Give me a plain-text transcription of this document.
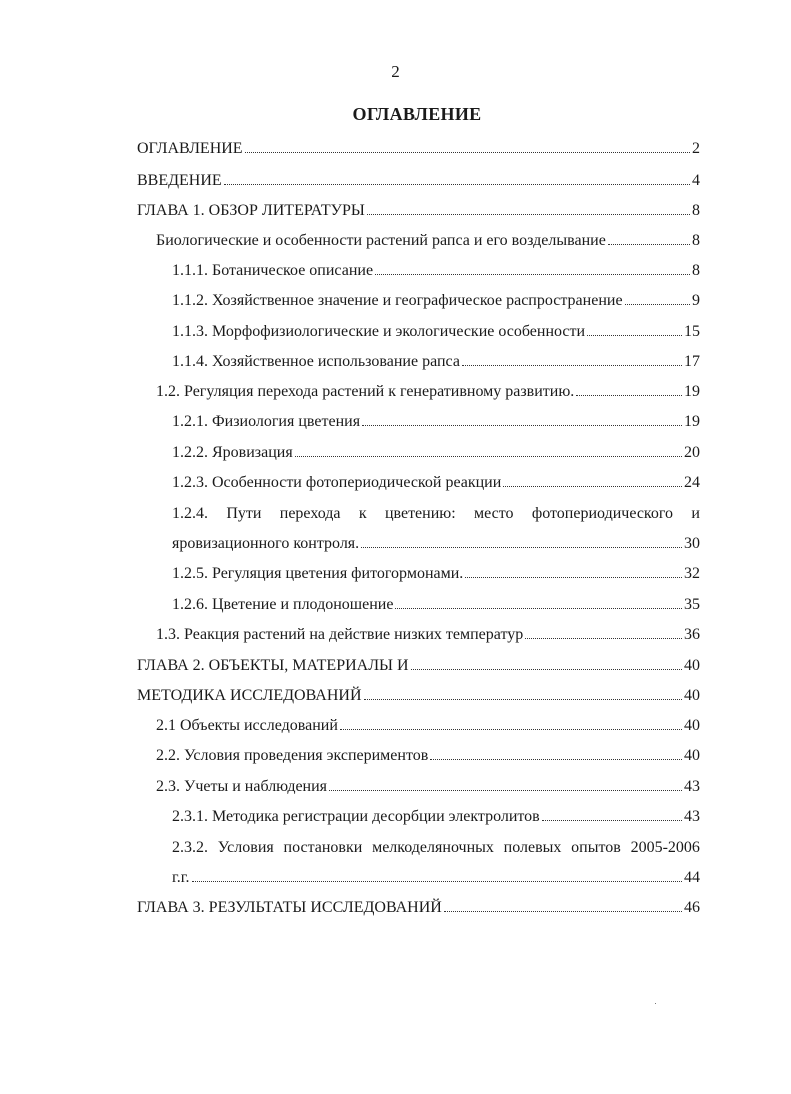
2
ОГЛАВЛЕНИЕ
ОГЛАВЛЕНИЕ	2
ВВЕДЕНИЕ	4
ГЛАВА 1. ОБЗОР ЛИТЕРАТУРЫ	8
Биологические и особенности растений рапса и его возделывание	8
1.1.1. Ботаническое описание	8
1.1.2. Хозяйственное значение и географическое распространение	9
1.1.3. Морфофизиологические и экологические особенности	15
1.1.4. Хозяйственное использование рапса	17
1.2. Регуляция перехода растений к генеративному развитию.	19
1.2.1. Физиология цветения	19
1.2.2. Яровизация	20
1.2.3. Особенности фотопериодической реакции	24
1.2.4. Пути перехода к цветению: место фотопериодического и
яровизационного контроля.	30
1.2.5. Регуляция цветения фитогормонами.	32
1.2.6. Цветение и плодоношение	35
1.3. Реакция растений на действие низких температур	36
ГЛАВА 2. ОБЪЕКТЫ, МАТЕРИАЛЫ И	40
МЕТОДИКА ИССЛЕДОВАНИЙ	40
2.1 Объекты исследований	40
2.2. Условия проведения экспериментов	40
2.3. Учеты и наблюдения	43
2.3.1. Методика регистрации десорбции электролитов	43
2.3.2. Условия постановки мелкоделяночных полевых опытов 2005-2006
г.г.	44
ГЛАВА 3. РЕЗУЛЬТАТЫ ИССЛЕДОВАНИЙ	46
